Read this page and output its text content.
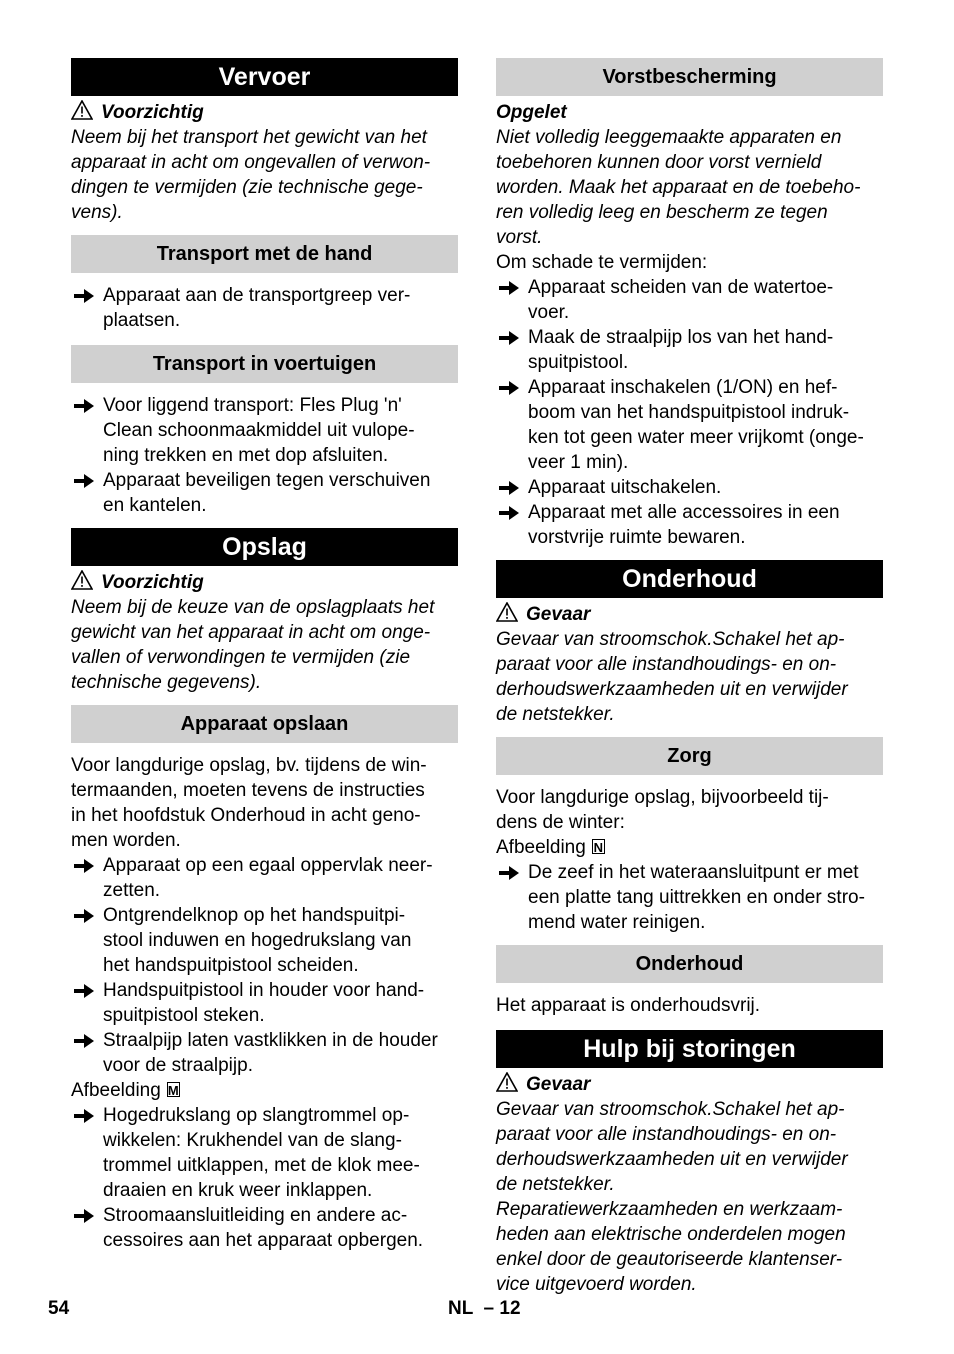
Vervoer

Voorzichtig

Neem bij het transport het gewicht van het
apparaat in acht om ongevallen of verwon-
dingen te vermijden (zie technische gege-
vens).

Transport met de hand
Apparaat aan de transportgreep ver-
plaatsen.
Transport in voertuigen
Voor liggend transport: Fles Plug 'n'
Clean schoonmaakmiddel uit vulope-
ning trekken en met dop afsluiten.
Apparaat beveiligen tegen verschuiven
en kantelen.
Opslag

Voorzichtig

Neem bij de keuze van de opslagplaats het
gewicht van het apparaat in acht om onge-
vallen of verwondingen te vermijden (zie
technische gegevens).

Apparaat opslaan

Voor langdurige opslag, bv. tijdens de win-
termaanden, moeten tevens de instructies
in het hoofdstuk Onderhoud in acht geno-
men worden.

Apparaat op een egaal oppervlak neer-
zetten.
Ontgrendelknop op het handspuitpi-
stool induwen en hogedrukslang van
het handspuitpistool scheiden.
Handspuitpistool in houder voor hand-
spuitpistool steken.
Straalpijp laten vastklikken in de houder
voor de straalpijp.

Afbeelding M

Hogedrukslang op slangtrommel op-
wikkelen: Krukhendel van de slang-
trommel uitklappen, met de klok mee-
draaien en kruk weer inklappen.
Stroomaansluitleiding en andere ac-
cessoires aan het apparaat opbergen.
Vorstbescherming

Opgelet

Niet volledig leeggemaakte apparaten en
toebehoren kunnen door vorst vernield
worden. Maak het apparaat en de toebeho-
ren volledig leeg en bescherm ze tegen
vorst.

Om schade te vermijden:

Apparaat scheiden van de watertoe-
voer.
Maak de straalpijp los van het hand-
spuitpistool.
Apparaat inschakelen (1/ON) en hef-
boom van het handspuitpistool indruk-
ken tot geen water meer vrijkomt (onge-
veer 1 min).
Apparaat uitschakelen.
Apparaat met alle accessoires in een
vorstvrije ruimte bewaren.
Onderhoud

Gevaar

Gevaar van stroomschok.Schakel het ap-
paraat voor alle instandhoudings- en on-
derhoudswerkzaamheden uit en verwijder
de netstekker.

Zorg

Voor langdurige opslag, bijvoorbeeld tij-
dens de winter:

Afbeelding N

De zeef in het wateraansluitpunt er met
een platte tang uittrekken en onder stro-
mend water reinigen.
Onderhoud

Het apparaat is onderhoudsvrij.

Hulp bij storingen

Gevaar

Gevaar van stroomschok.Schakel het ap-
paraat voor alle instandhoudings- en on-
derhoudswerkzaamheden uit en verwijder
de netstekker.
Reparatiewerkzaamheden en werkzaam-
heden aan elektrische onderdelen mogen
enkel door de geautoriseerde klantenser-
vice uitgevoerd worden.

54	NL  – 12
